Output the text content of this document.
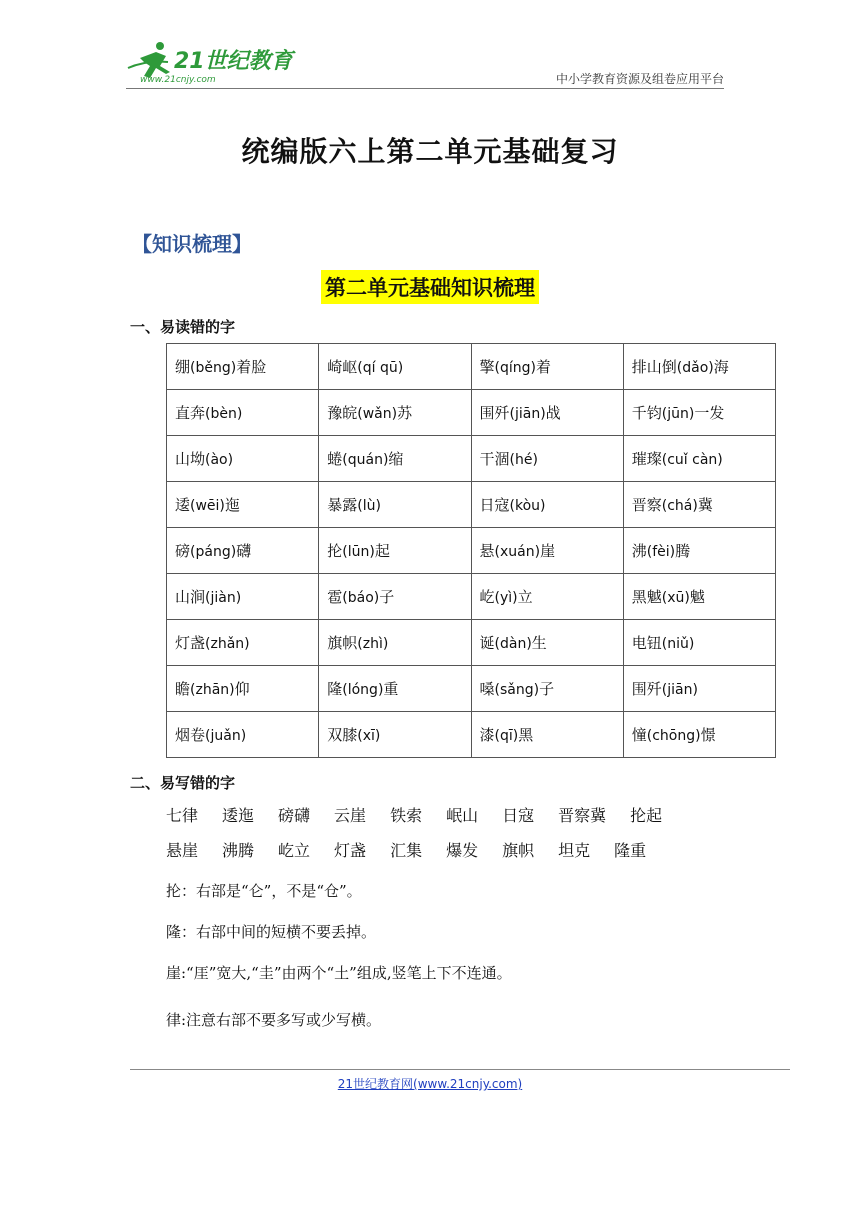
21世纪教育
www.21cnjy.com	中小学教育资源及组卷应用平台
统编版六上第二单元基础复习
【知识梳理】
第二单元基础知识梳理
一、易读错的字
绷(běng)着脸	崎岖(qí qū)	擎(qíng)着	排山倒(dǎo)海
直奔(bèn)	豫皖(wǎn)苏	围歼(jiān)战	千钧(jūn)一发
山坳(ào)	蜷(quán)缩	干涸(hé)	璀璨(cuǐ càn)
逶(wēi)迤	暴露(lù)	日寇(kòu)	晋察(chá)冀
磅(páng)礴	抡(lūn)起	悬(xuán)崖	沸(fèi)腾
山涧(jiàn)	雹(báo)子	屹(yì)立	黑魆(xū)魆
灯盏(zhǎn)	旗帜(zhì)	诞(dàn)生	电钮(niǔ)
瞻(zhān)仰	隆(lóng)重	嗓(sǎng)子	围歼(jiān)
烟卷(juǎn)	双膝(xī)	漆(qī)黑	憧(chōng)憬
二、易写错的字
七律 逶迤 磅礴 云崖 铁索 岷山 日寇 晋察冀 抡起
悬崖 沸腾 屹立 灯盏 汇集 爆发 旗帜 坦克 隆重
抡：右部是“仑”，不是“仓”。
隆：右部中间的短横不要丢掉。
崖:“厓”宽大,“圭”由两个“土”组成,竖笔上下不连通。
律:注意右部不要多写或少写横。
21世纪教育网(www.21cnjy.com)
